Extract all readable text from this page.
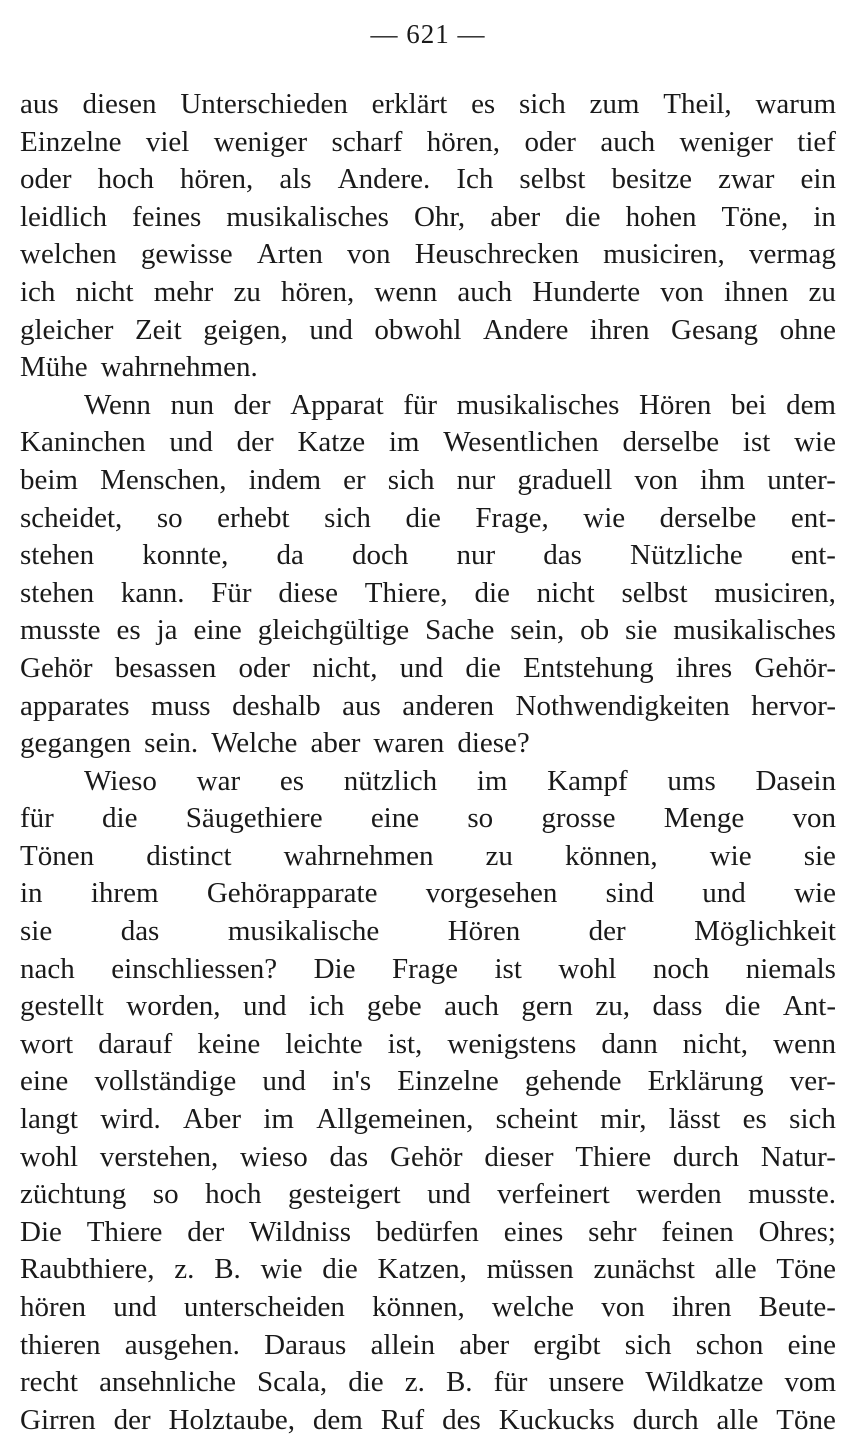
— 621 —
aus diesen Unterschieden erklärt es sich zum Theil, warum
Einzelne viel weniger scharf hören, oder auch weniger tief
oder hoch hören, als Andere. Ich selbst besitze zwar ein
leidlich feines musikalisches Ohr, aber die hohen Töne, in
welchen gewisse Arten von Heuschrecken musiciren, vermag
ich nicht mehr zu hören, wenn auch Hunderte von ihnen zu
gleicher Zeit geigen, und obwohl Andere ihren Gesang ohne
Mühe wahrnehmen.
Wenn nun der Apparat für musikalisches Hören bei dem
Kaninchen und der Katze im Wesentlichen derselbe ist wie
beim Menschen, indem er sich nur graduell von ihm unter-
scheidet, so erhebt sich die Frage, wie derselbe ent-
stehen konnte, da doch nur das Nützliche ent-
stehen kann. Für diese Thiere, die nicht selbst musiciren,
musste es ja eine gleichgültige Sache sein, ob sie musikalisches
Gehör besassen oder nicht, und die Entstehung ihres Gehör-
apparates muss deshalb aus anderen Nothwendigkeiten hervor-
gegangen sein. Welche aber waren diese?
Wieso war es nützlich im Kampf ums Dasein
für die Säugethiere eine so grosse Menge von
Tönen distinct wahrnehmen zu können, wie sie
in ihrem Gehörapparate vorgesehen sind und wie
sie das musikalische Hören der Möglichkeit
nach einschliessen? Die Frage ist wohl noch niemals
gestellt worden, und ich gebe auch gern zu, dass die Ant-
wort darauf keine leichte ist, wenigstens dann nicht, wenn
eine vollständige und in's Einzelne gehende Erklärung ver-
langt wird. Aber im Allgemeinen, scheint mir, lässt es sich
wohl verstehen, wieso das Gehör dieser Thiere durch Natur-
züchtung so hoch gesteigert und verfeinert werden musste.
Die Thiere der Wildniss bedürfen eines sehr feinen Ohres;
Raubthiere, z. B. wie die Katzen, müssen zunächst alle Töne
hören und unterscheiden können, welche von ihren Beute-
thieren ausgehen. Daraus allein aber ergibt sich schon eine
recht ansehnliche Scala, die z. B. für unsere Wildkatze vom
Girren der Holztaube, dem Ruf des Kuckucks durch alle Töne
